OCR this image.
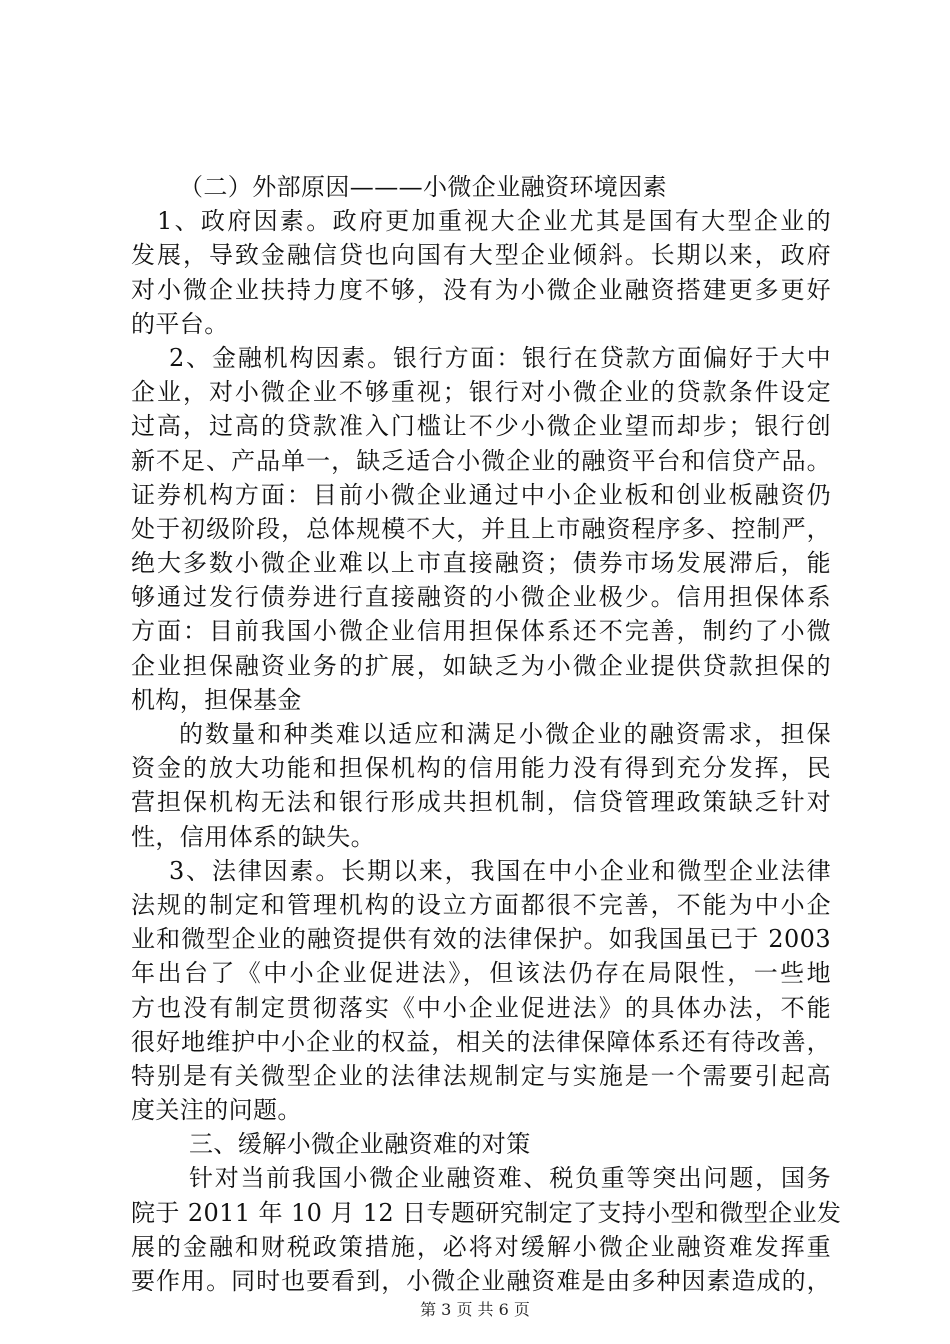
（二）外部原因———小微企业融资环境因素
1、政府因素。政府更加重视大企业尤其是国有大型企业的
发展，导致金融信贷也向国有大型企业倾斜。长期以来，政府
对小微企业扶持力度不够，没有为小微企业融资搭建更多更好
的平台。
2、金融机构因素。银行方面：银行在贷款方面偏好于大中
企业，对小微企业不够重视；银行对小微企业的贷款条件设定
过高，过高的贷款准入门槛让不少小微企业望而却步；银行创
新不足、产品单一，缺乏适合小微企业的融资平台和信贷产品。
证券机构方面：目前小微企业通过中小企业板和创业板融资仍
处于初级阶段，总体规模不大，并且上市融资程序多、控制严，
绝大多数小微企业难以上市直接融资；债券市场发展滞后，能
够通过发行债券进行直接融资的小微企业极少。信用担保体系
方面：目前我国小微企业信用担保体系还不完善，制约了小微
企业担保融资业务的扩展，如缺乏为小微企业提供贷款担保的
机构，担保基金
的数量和种类难以适应和满足小微企业的融资需求，担保
资金的放大功能和担保机构的信用能力没有得到充分发挥，民
营担保机构无法和银行形成共担机制，信贷管理政策缺乏针对
性，信用体系的缺失。
3、法律因素。长期以来，我国在中小企业和微型企业法律
法规的制定和管理机构的设立方面都很不完善，不能为中小企
业和微型企业的融资提供有效的法律保护。如我国虽已于 2003
年出台了《中小企业促进法》，但该法仍存在局限性，一些地
方也没有制定贯彻落实《中小企业促进法》的具体办法，不能
很好地维护中小企业的权益，相关的法律保障体系还有待改善，
特别是有关微型企业的法律法规制定与实施是一个需要引起高
度关注的问题。
三、缓解小微企业融资难的对策
针对当前我国小微企业融资难、税负重等突出问题，国务
院于 2011 年 10 月 12 日专题研究制定了支持小型和微型企业发
展的金融和财税政策措施，必将对缓解小微企业融资难发挥重
要作用。同时也要看到，小微企业融资难是由多种因素造成的，
第 3 页 共 6 页
